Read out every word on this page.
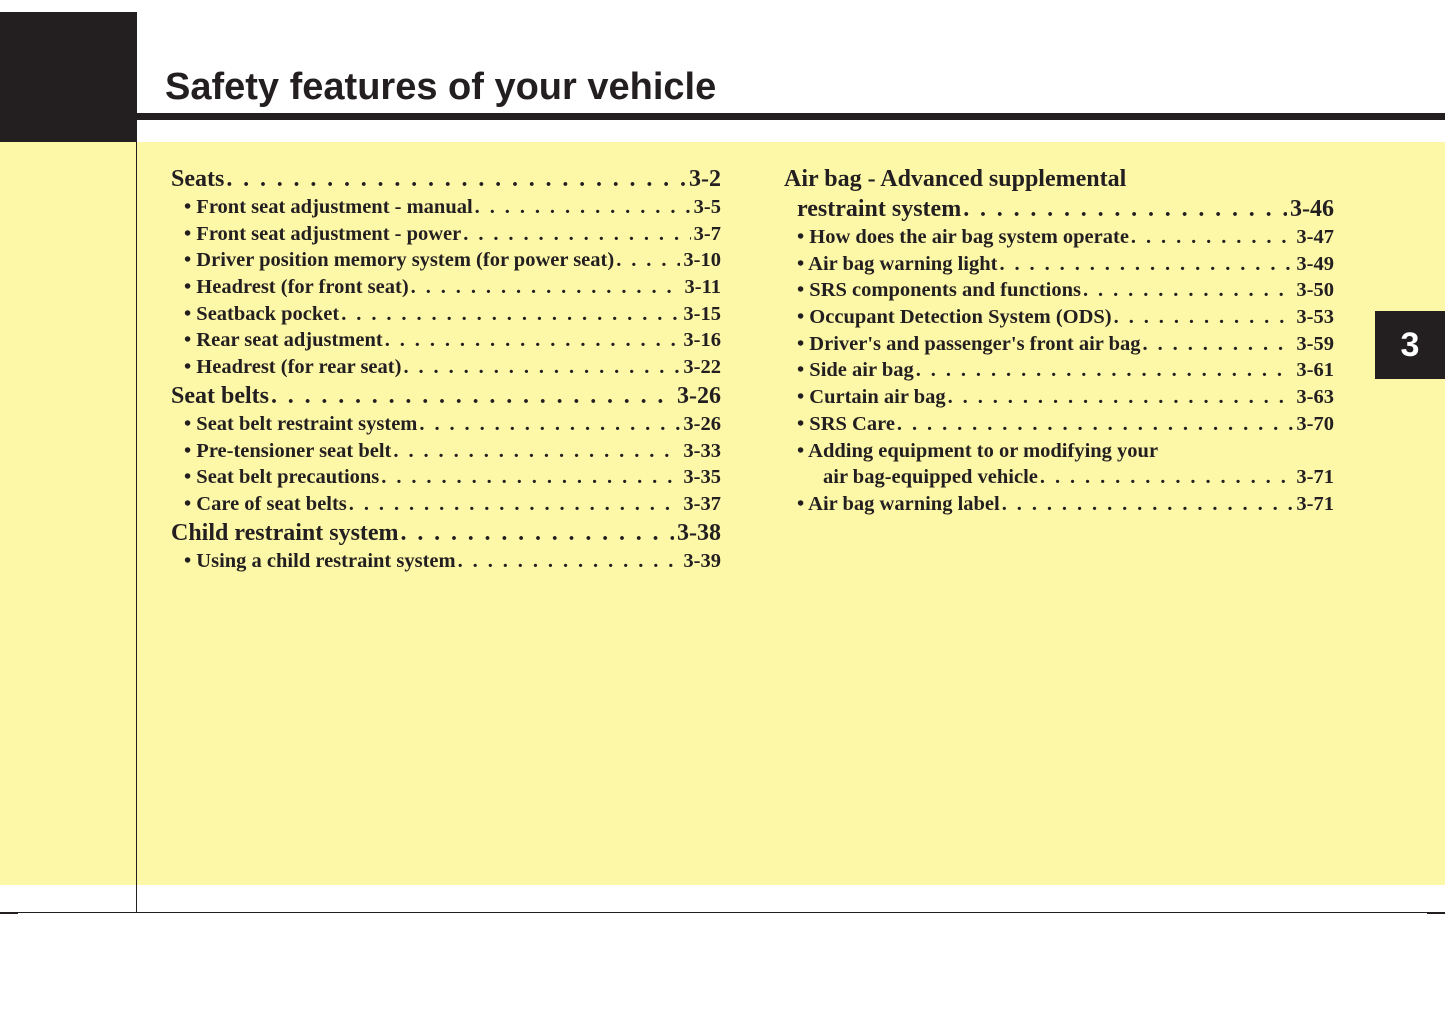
Safety features of your vehicle
3
Seats . . .	3-2
• Front seat adjustment - manual . . .	3-5
• Front seat adjustment - power . . .	3-7
• Driver position memory system (for power seat) . . .	3-10
• Headrest (for front seat) . . .	3-11
• Seatback pocket . . .	3-15
• Rear seat adjustment . . .	3-16
• Headrest (for rear seat) . . .	3-22
Seat belts . . .	3-26
• Seat belt restraint system . . .	3-26
• Pre-tensioner seat belt . . .	3-33
• Seat belt precautions . . .	3-35
• Care of seat belts . . .	3-37
Child restraint system . . .	3-38
• Using a child restraint system . . .	3-39
Air bag - Advanced supplemental
restraint system . . .	3-46
• How does the air bag system operate . . .	3-47
• Air bag warning light . . .	3-49
• SRS components and functions . . .	3-50
• Occupant Detection System (ODS) . . .	3-53
• Driver's and passenger's front air bag . . .	3-59
• Side air bag . . .	3-61
• Curtain air bag . . .	3-63
• SRS Care . . .	3-70
• Adding equipment to or modifying your
air bag-equipped vehicle . . .	3-71
• Air bag warning label . . .	3-71
